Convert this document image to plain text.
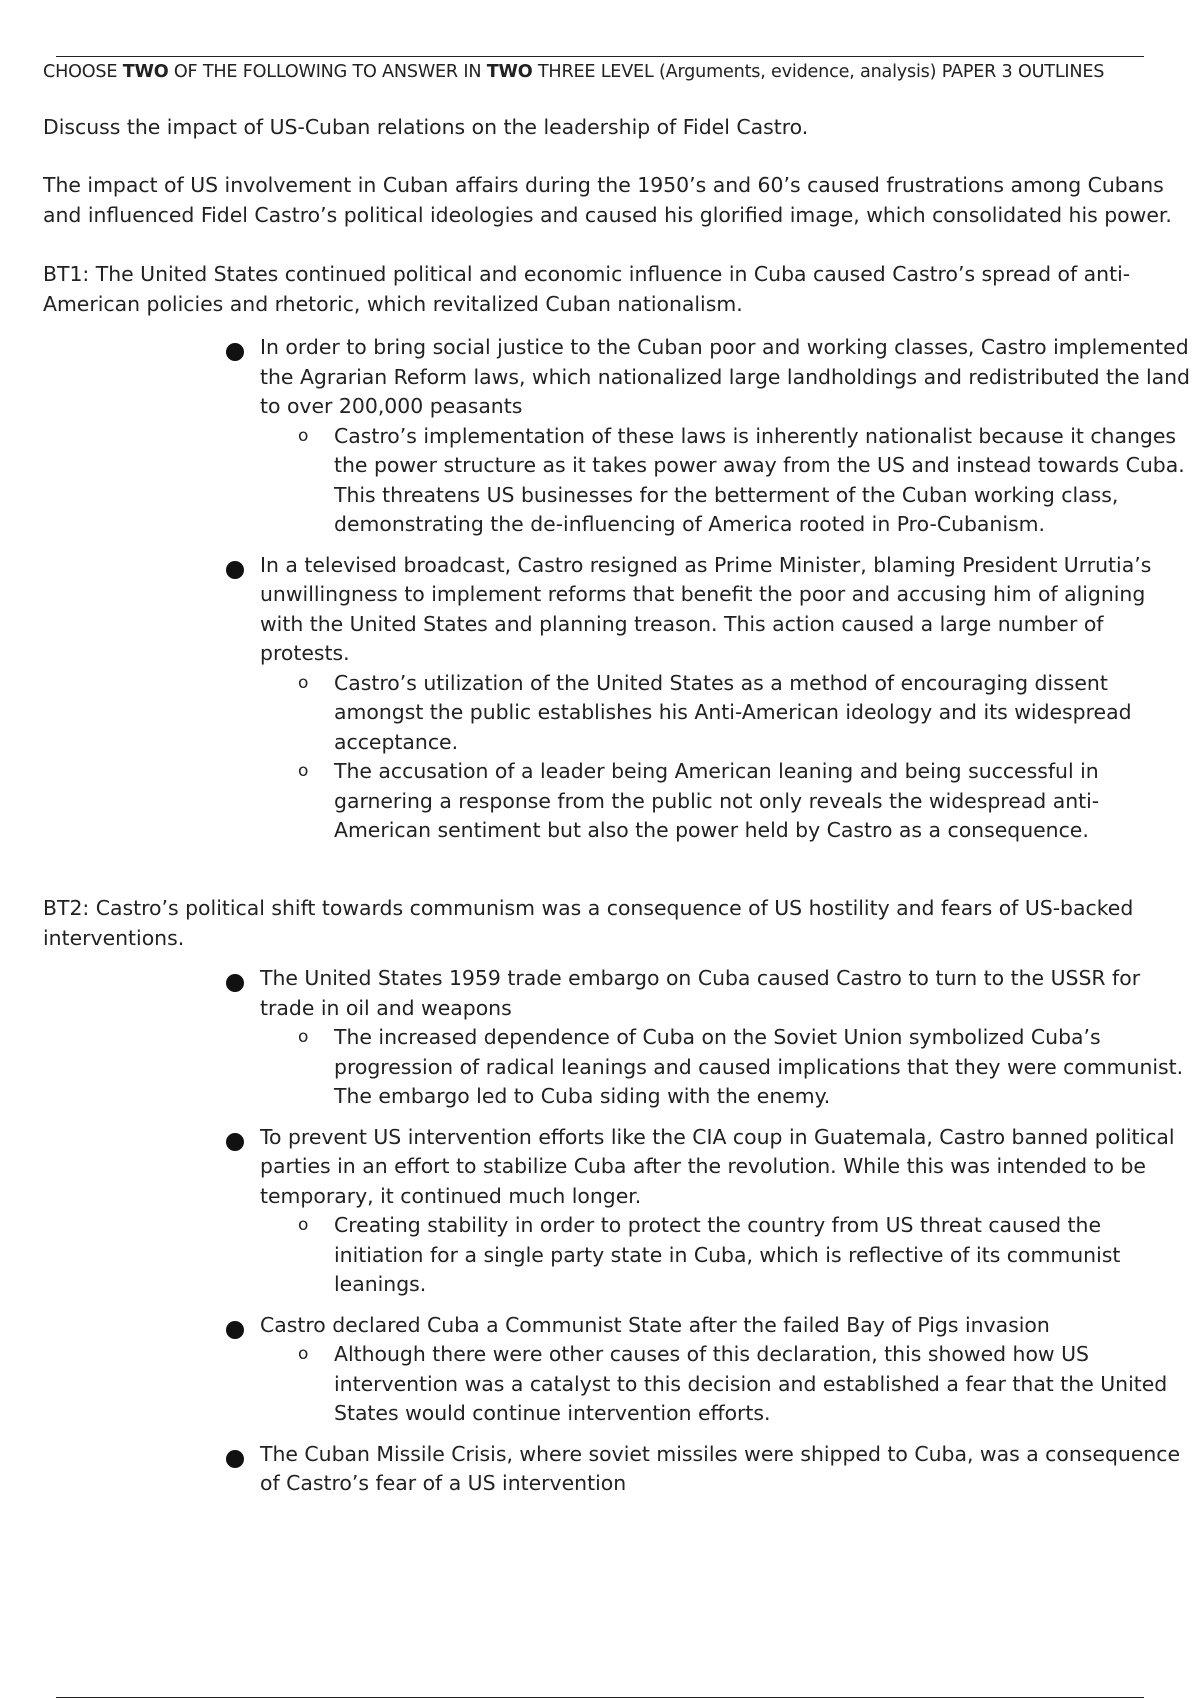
CHOOSE TWO OF THE FOLLOWING TO ANSWER IN TWO THREE LEVEL (Arguments, evidence, analysis) PAPER 3 OUTLINES
Discuss the impact of US-Cuban relations on the leadership of Fidel Castro.
The impact of US involvement in Cuban affairs during the 1950’s and 60’s caused frustrations among Cubans and influenced Fidel Castro’s political ideologies and caused his glorified image, which consolidated his power.
BT1: The United States continued political and economic influence in Cuba caused Castro’s spread of anti-American policies and rhetoric, which revitalized Cuban nationalism.
In order to bring social justice to the Cuban poor and working classes, Castro implemented the Agrarian Reform laws, which nationalized large landholdings and redistributed the land to over 200,000 peasants
o Castro’s implementation of these laws is inherently nationalist because it changes the power structure as it takes power away from the US and instead towards Cuba. This threatens US businesses for the betterment of the Cuban working class, demonstrating the de-influencing of America rooted in Pro-Cubanism.
In a televised broadcast, Castro resigned as Prime Minister, blaming President Urrutia’s unwillingness to implement reforms that benefit the poor and accusing him of aligning with the United States and planning treason. This action caused a large number of protests.
o Castro’s utilization of the United States as a method of encouraging dissent amongst the public establishes his Anti-American ideology and its widespread acceptance.
o The accusation of a leader being American leaning and being successful in garnering a response from the public not only reveals the widespread anti-American sentiment but also the power held by Castro as a consequence.
BT2: Castro’s political shift towards communism was a consequence of US hostility and fears of US-backed interventions.
The United States 1959 trade embargo on Cuba caused Castro to turn to the USSR for trade in oil and weapons
o The increased dependence of Cuba on the Soviet Union symbolized Cuba’s progression of radical leanings and caused implications that they were communist. The embargo led to Cuba siding with the enemy.
To prevent US intervention efforts like the CIA coup in Guatemala, Castro banned political parties in an effort to stabilize Cuba after the revolution. While this was intended to be temporary, it continued much longer.
o Creating stability in order to protect the country from US threat caused the initiation for a single party state in Cuba, which is reflective of its communist leanings.
Castro declared Cuba a Communist State after the failed Bay of Pigs invasion
o Although there were other causes of this declaration, this showed how US intervention was a catalyst to this decision and established a fear that the United States would continue intervention efforts.
The Cuban Missile Crisis, where soviet missiles were shipped to Cuba, was a consequence of Castro’s fear of a US intervention
